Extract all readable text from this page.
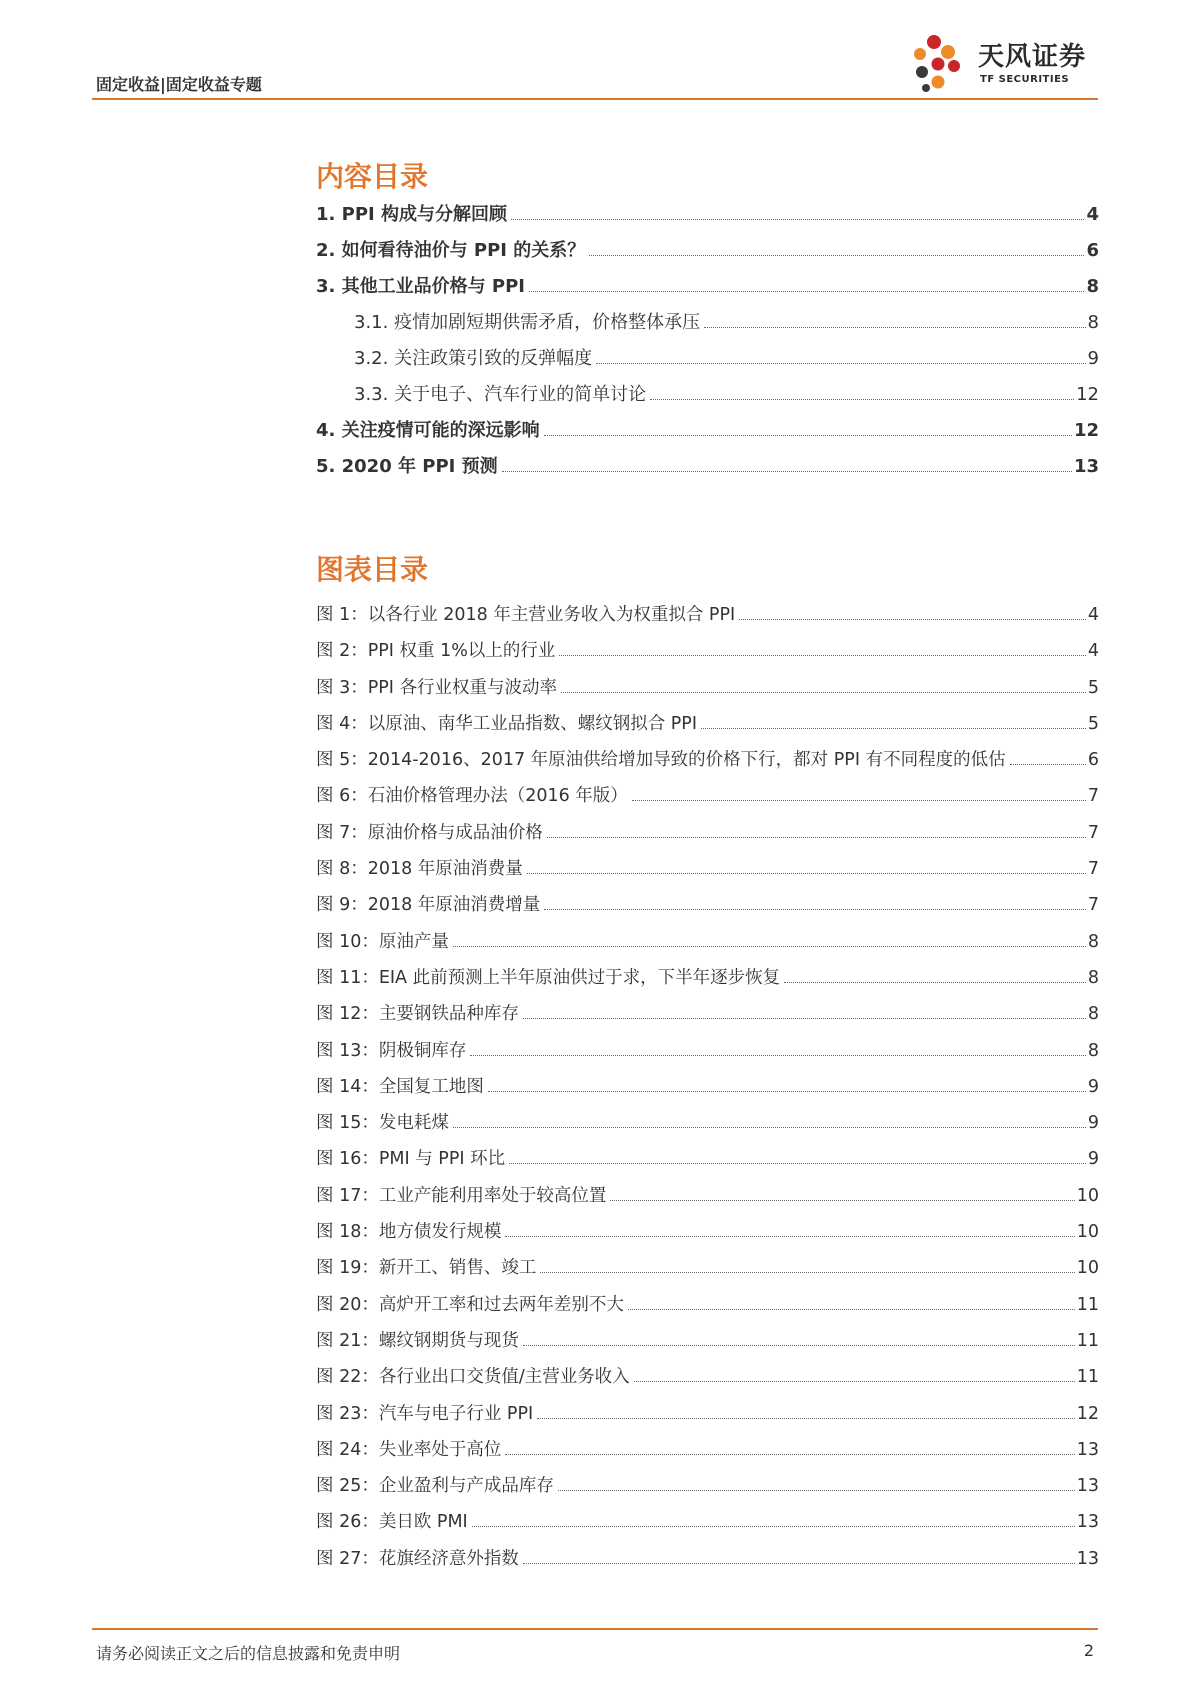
固定收益|固定收益专题
天风证券
TF SECURITIES
内容目录
1. PPI 构成与分解回顾	4
2. 如何看待油价与 PPI 的关系？	6
3. 其他工业品价格与 PPI	8
3.1. 疫情加剧短期供需矛盾，价格整体承压	8
3.2. 关注政策引致的反弹幅度	9
3.3. 关于电子、汽车行业的简单讨论	12
4. 关注疫情可能的深远影响	12
5. 2020 年 PPI 预测	13
图表目录
图 1：以各行业 2018 年主营业务收入为权重拟合 PPI	4
图 2：PPI 权重 1%以上的行业	4
图 3：PPI 各行业权重与波动率	5
图 4：以原油、南华工业品指数、螺纹钢拟合 PPI	5
图 5：2014-2016、2017 年原油供给增加导致的价格下行，都对 PPI 有不同程度的低估	6
图 6：石油价格管理办法（2016 年版）	7
图 7：原油价格与成品油价格	7
图 8：2018 年原油消费量	7
图 9：2018 年原油消费增量	7
图 10：原油产量	8
图 11：EIA 此前预测上半年原油供过于求，下半年逐步恢复	8
图 12：主要钢铁品种库存	8
图 13：阴极铜库存	8
图 14：全国复工地图	9
图 15：发电耗煤	9
图 16：PMI 与 PPI 环比	9
图 17：工业产能利用率处于较高位置	10
图 18：地方债发行规模	10
图 19：新开工、销售、竣工	10
图 20：高炉开工率和过去两年差别不大	11
图 21：螺纹钢期货与现货	11
图 22：各行业出口交货值/主营业务收入	11
图 23：汽车与电子行业 PPI	12
图 24：失业率处于高位	13
图 25：企业盈利与产成品库存	13
图 26：美日欧 PMI	13
图 27：花旗经济意外指数	13
请务必阅读正文之后的信息披露和免责申明	2
